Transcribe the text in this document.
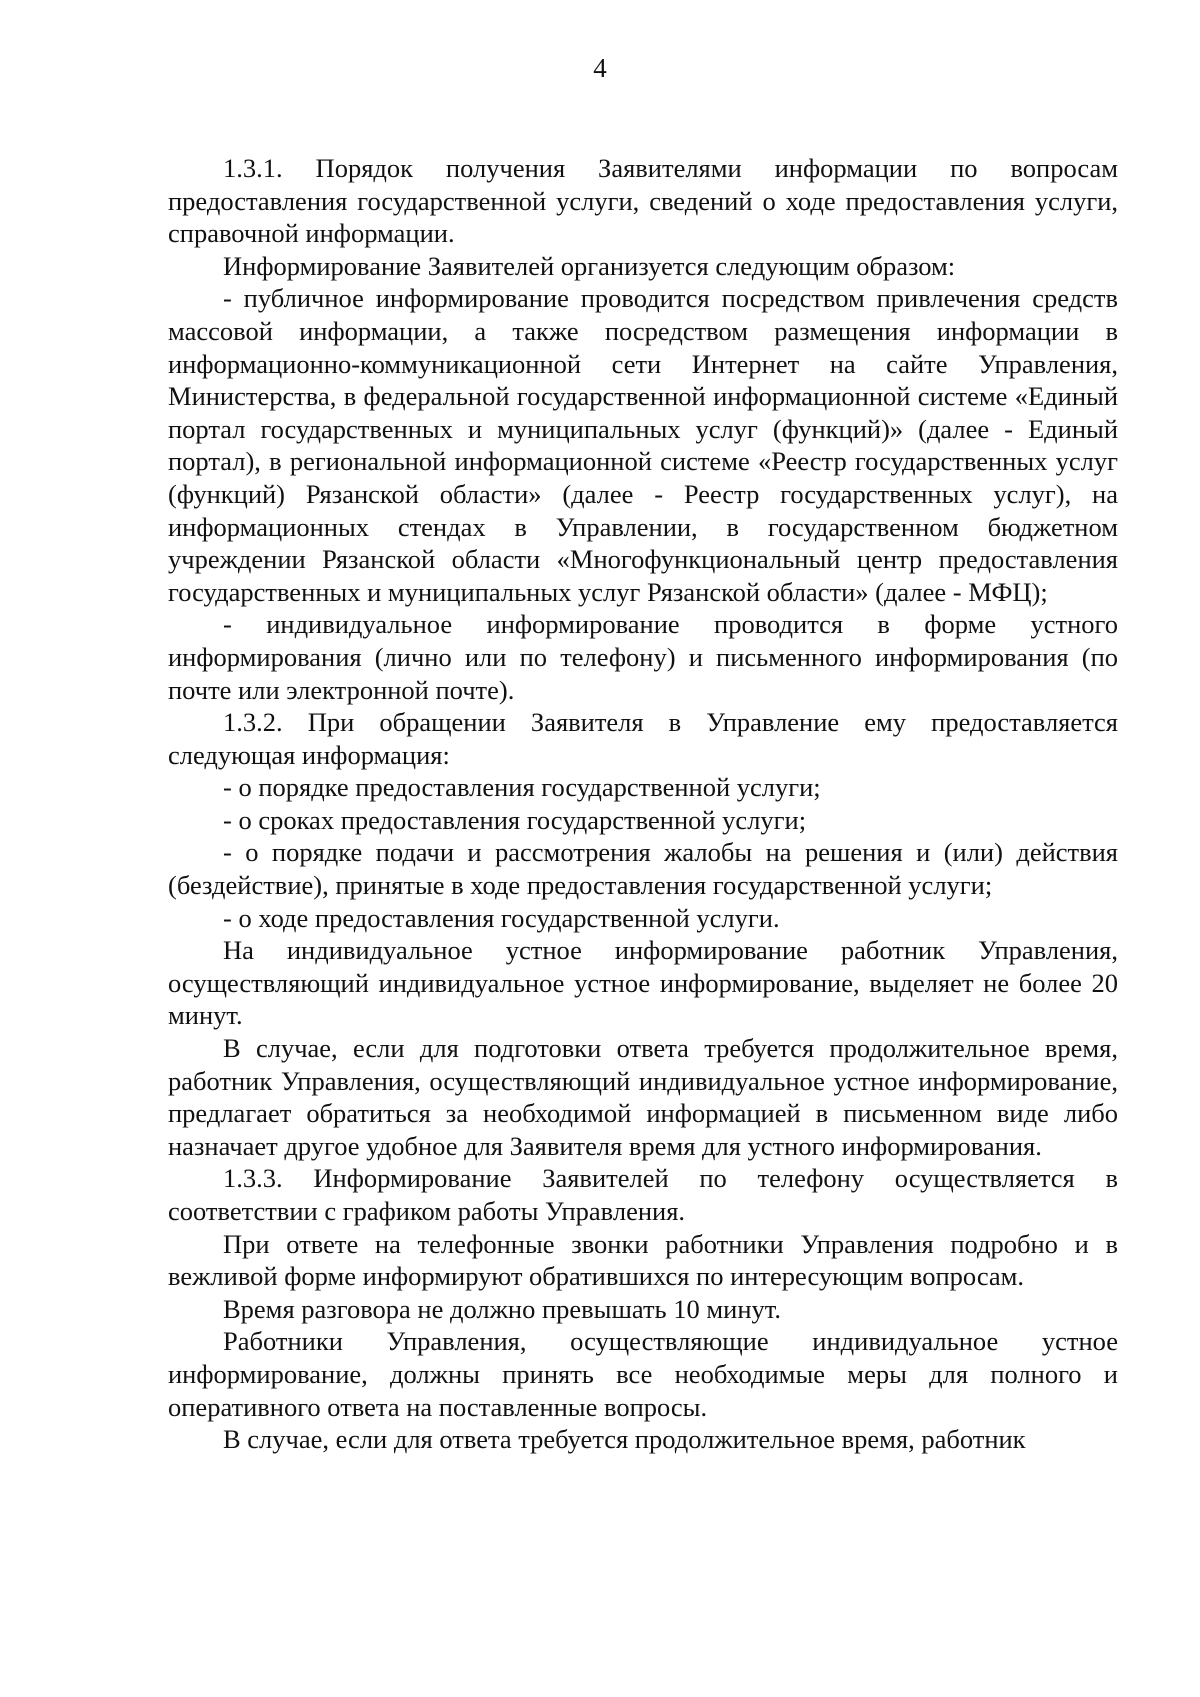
4

1.3.1. Порядок получения Заявителями информации по вопросам предоставления государственной услуги, сведений о ходе предоставления услуги, справочной информации.

Информирование Заявителей организуется следующим образом:

- публичное информирование проводится посредством привлечения средств массовой информации, а также посредством размещения информации в информационно-коммуникационной сети Интернет на сайте Управления, Министерства, в федеральной государственной информационной системе «Единый портал государственных и муниципальных услуг (функций)» (далее - Единый портал), в региональной информационной системе «Реестр государственных услуг (функций) Рязанской области» (далее - Реестр государственных услуг), на информационных стендах в Управлении, в государственном бюджетном учреждении Рязанской области «Многофункциональный центр предоставления государственных и муниципальных услуг Рязанской области» (далее - МФЦ);

- индивидуальное информирование проводится в форме устного информирования (лично или по телефону) и письменного информирования (по почте или электронной почте).

1.3.2. При обращении Заявителя в Управление ему предоставляется следующая информация:

- о порядке предоставления государственной услуги;

- о сроках предоставления государственной услуги;

- о порядке подачи и рассмотрения жалобы на решения и (или) действия (бездействие), принятые в ходе предоставления государственной услуги;

- о ходе предоставления государственной услуги.

На индивидуальное устное информирование работник Управления, осуществляющий индивидуальное устное информирование, выделяет не более 20 минут.

В случае, если для подготовки ответа требуется продолжительное время, работник Управления, осуществляющий индивидуальное устное информирование, предлагает обратиться за необходимой информацией в письменном виде либо назначает другое удобное для Заявителя время для устного информирования.

1.3.3. Информирование Заявителей по телефону осуществляется в соответствии с графиком работы Управления.

При ответе на телефонные звонки работники Управления подробно и в вежливой форме информируют обратившихся по интересующим вопросам.

Время разговора не должно превышать 10 минут.

Работники Управления, осуществляющие индивидуальное устное информирование, должны принять все необходимые меры для полного и оперативного ответа на поставленные вопросы.

В случае, если для ответа требуется продолжительное время, работник
